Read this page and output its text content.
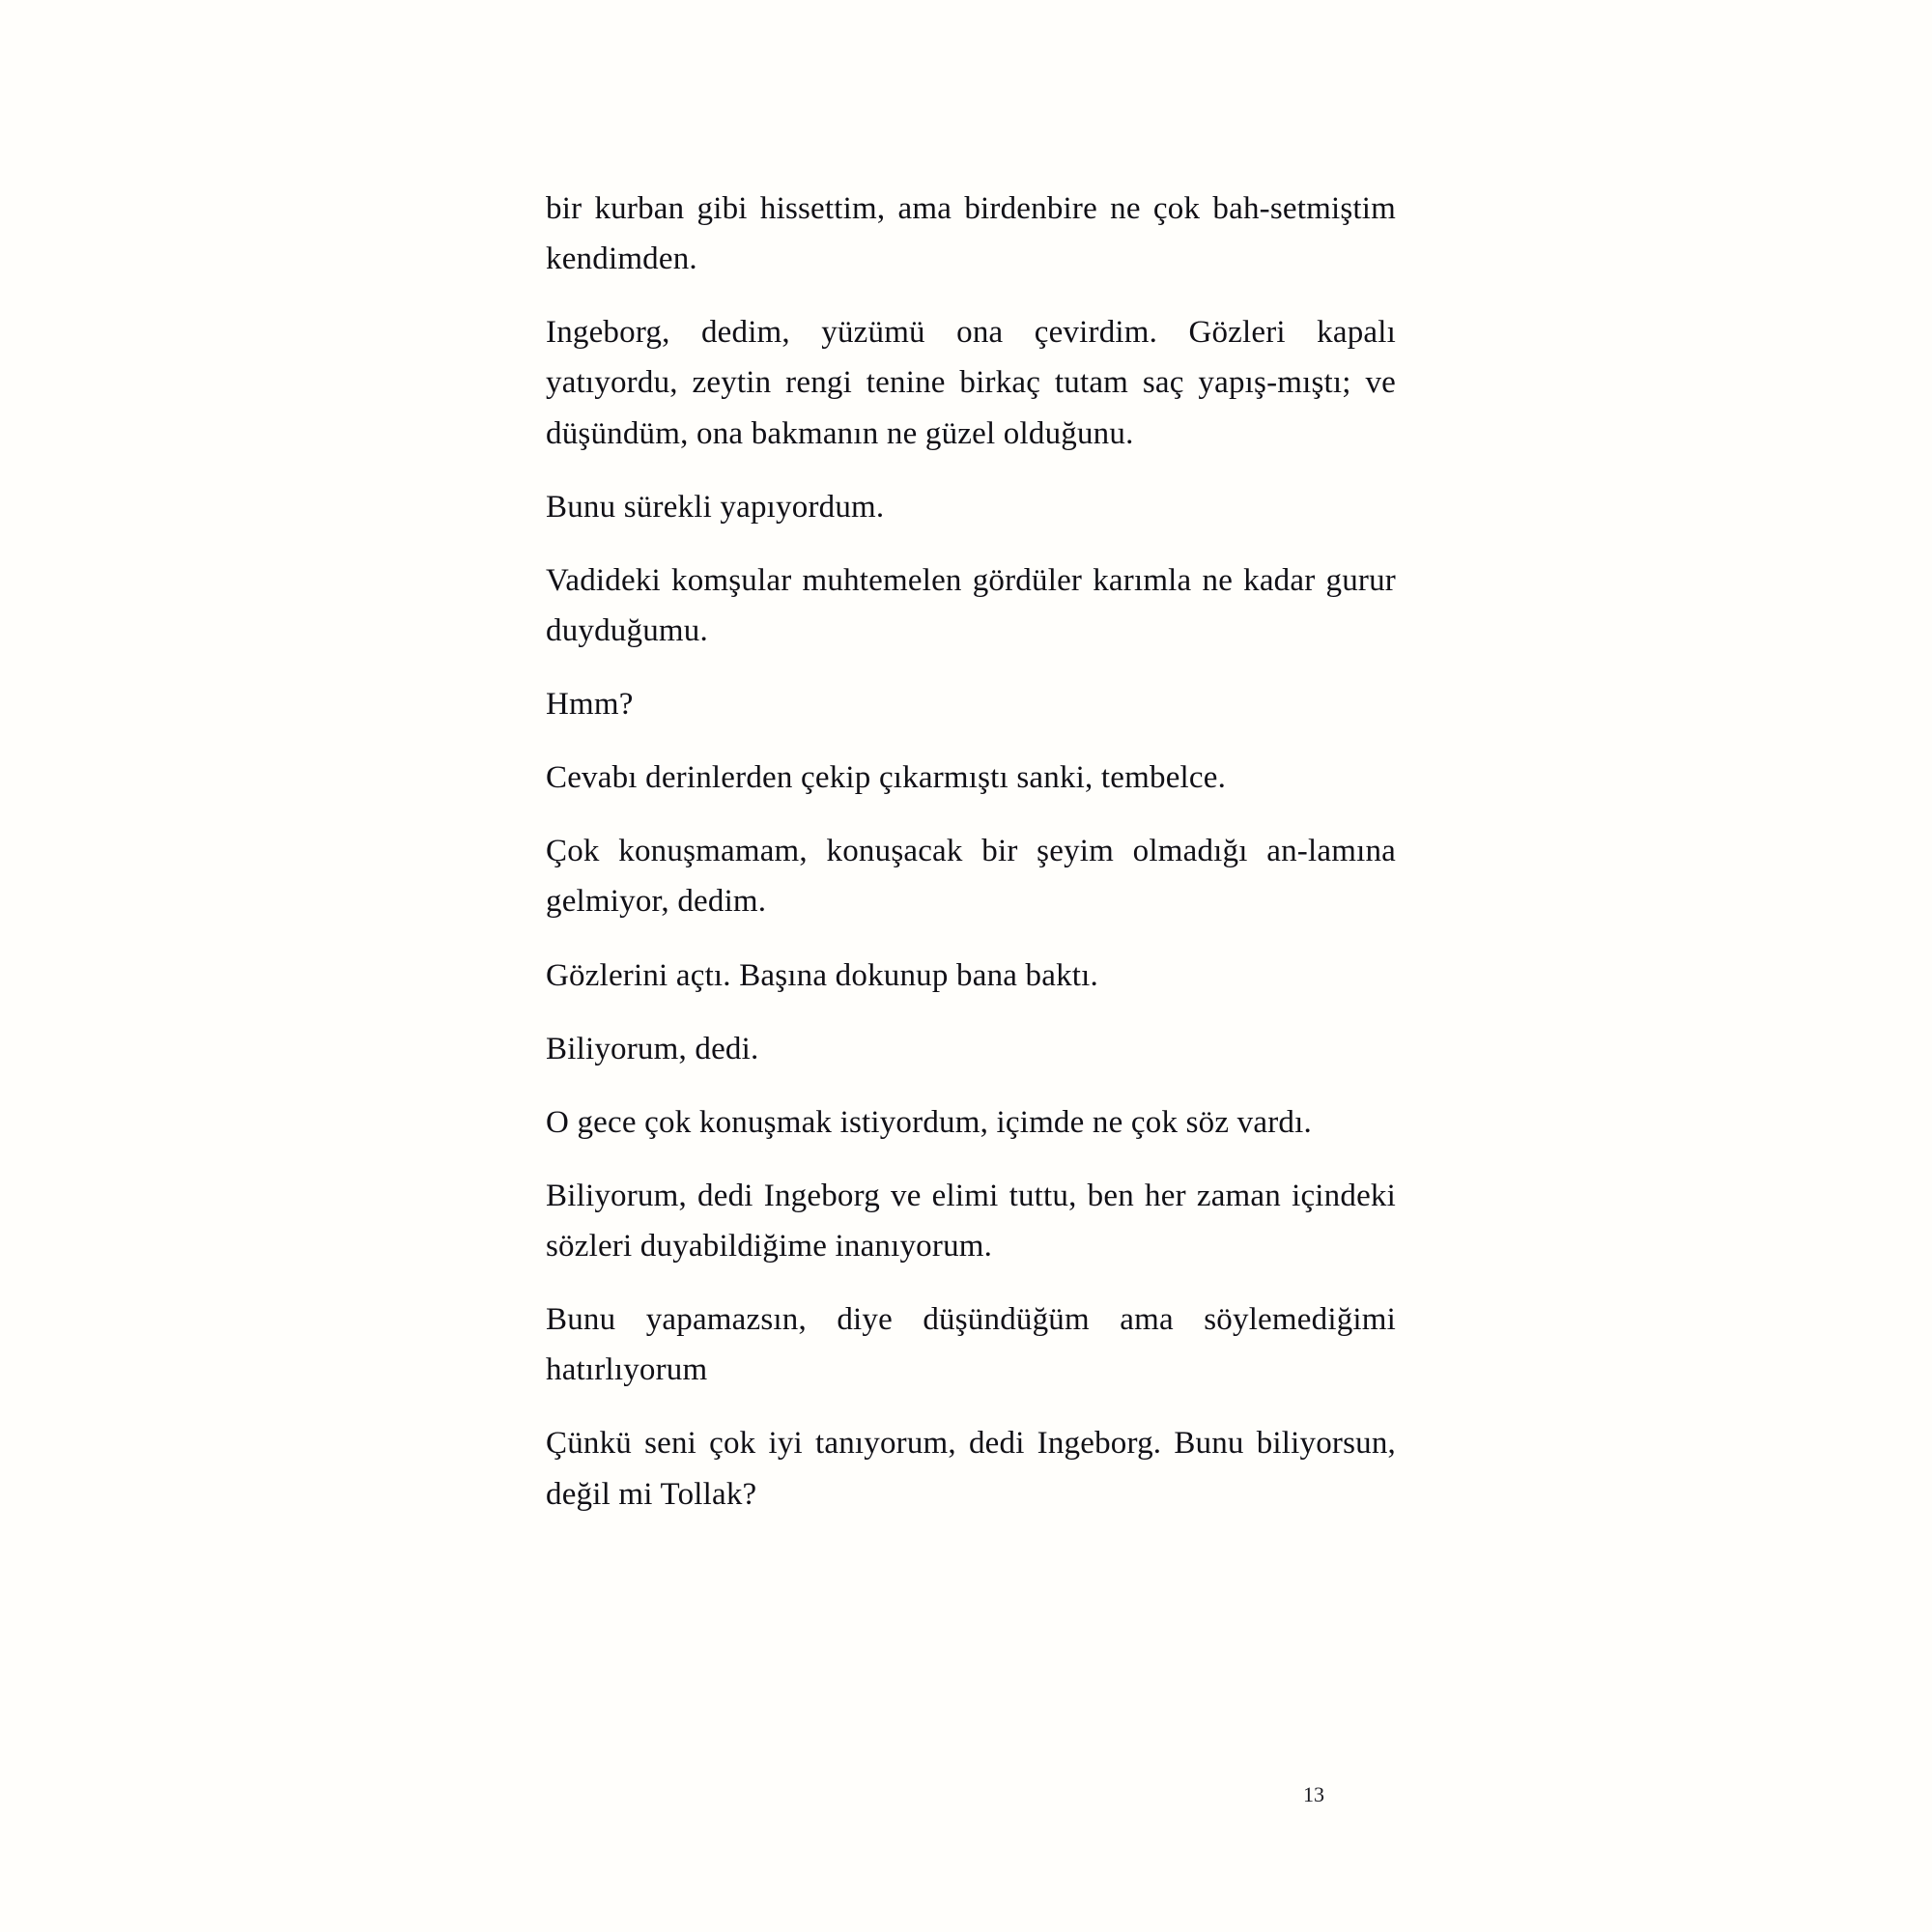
bir kurban gibi hissettim, ama birdenbire ne çok bah-setmiştim kendimden.

Ingeborg, dedim, yüzümü ona çevirdim. Gözleri kapalı yatıyordu, zeytin rengi tenine birkaç tutam saç yapış-mıştı; ve düşündüm, ona bakmanın ne güzel olduğunu.

Bunu sürekli yapıyordum.

Vadideki komşular muhtemelen gördüler karımla ne kadar gurur duyduğumu.

Hmm?

Cevabı derinlerden çekip çıkarmıştı sanki, tembelce.

Çok konuşmamam, konuşacak bir şeyim olmadığı an-lamına gelmiyor, dedim.

Gözlerini açtı. Başına dokunup bana baktı.

Biliyorum, dedi.

O gece çok konuşmak istiyordum, içimde ne çok söz vardı.

Biliyorum, dedi Ingeborg ve elimi tuttu, ben her zaman içindeki sözleri duyabildiğime inanıyorum.

Bunu yapamazsın, diye düşündüğüm ama söylemediğimi hatırlıyorum

Çünkü seni çok iyi tanıyorum, dedi Ingeborg. Bunu biliyorsun, değil mi Tollak?

13
